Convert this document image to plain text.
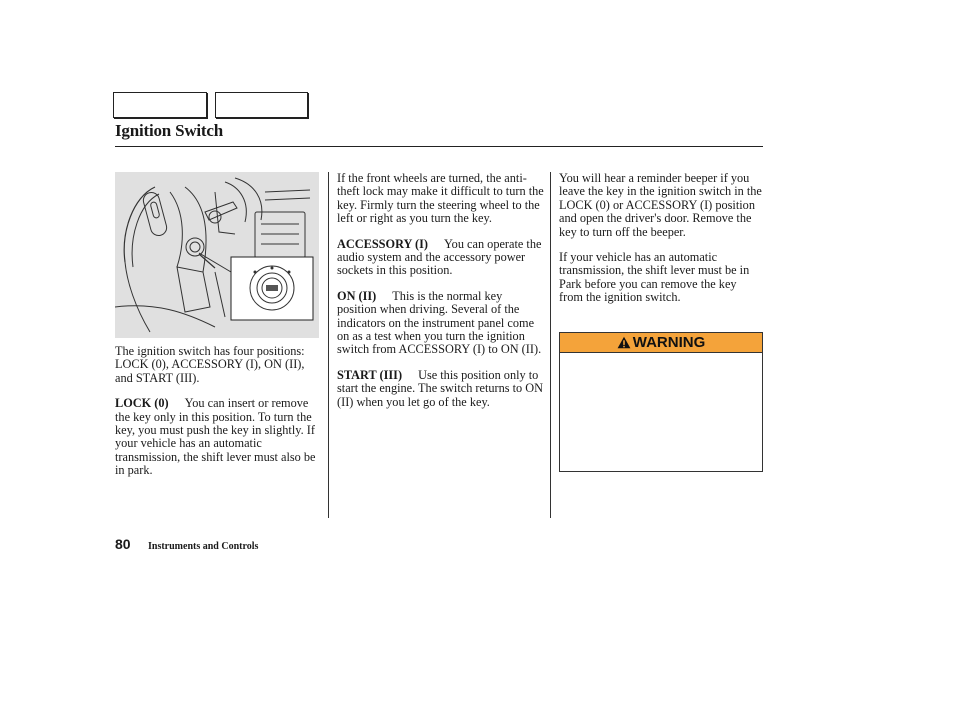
Ignition Switch

The ignition switch has four positions: LOCK (0), ACCESSORY (I), ON (II), and START (III).

LOCK (0) You can insert or remove the key only in this position. To turn the key, you must push the key in slightly. If your vehicle has an automatic transmission, the shift lever must also be in park.

If the front wheels are turned, the anti-theft lock may make it difficult to turn the key. Firmly turn the steering wheel to the left or right as you turn the key.

ACCESSORY (I) You can operate the audio system and the accessory power sockets in this position.

ON (II) This is the normal key position when driving. Several of the indicators on the instrument panel come on as a test when you turn the ignition switch from ACCESSORY (I) to ON (II).

START (III) Use this position only to start the engine. The switch returns to ON (II) when you let go of the key.

You will hear a reminder beeper if you leave the key in the ignition switch in the LOCK (0) or ACCESSORY (I) position and open the driver's door. Remove the key to turn off the beeper.

If your vehicle has an automatic transmission, the shift lever must be in Park before you can remove the key from the ignition switch.

WARNING
80 Instruments and Controls
